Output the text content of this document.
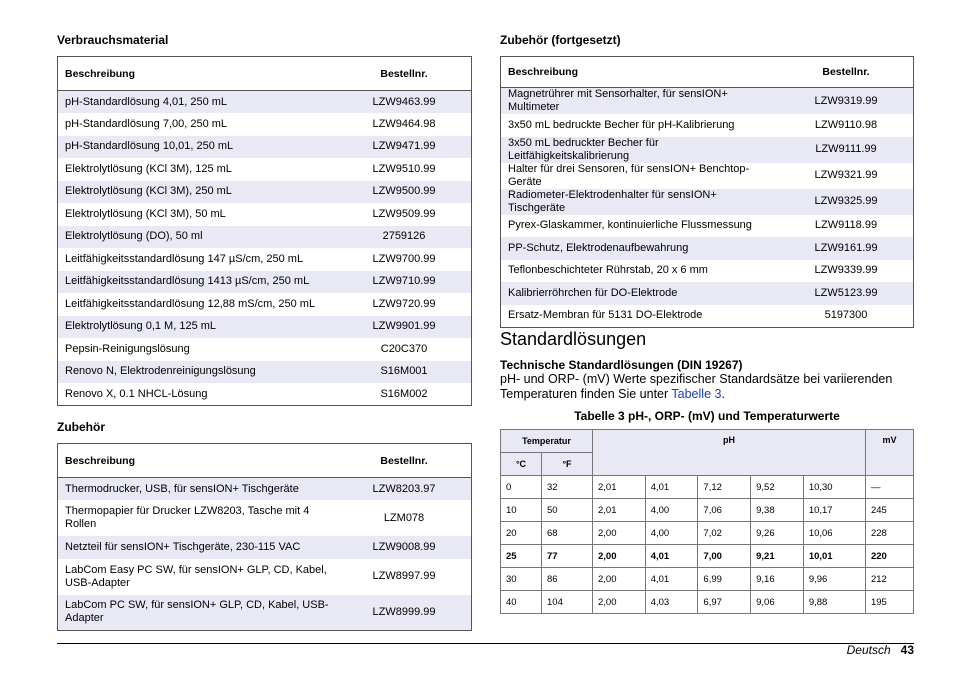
Verbrauchsmaterial
Beschreibung	Bestellnr.
pH-Standardlösung 4,01, 250 mL	LZW9463.99
pH-Standardlösung 7,00, 250 mL	LZW9464.98
pH-Standardlösung 10,01, 250 mL	LZW9471.99
Elektrolytlösung (KCl 3M), 125 mL	LZW9510.99
Elektrolytlösung (KCl 3M), 250 mL	LZW9500.99
Elektrolytlösung (KCl 3M), 50 mL	LZW9509.99
Elektrolytlösung (DO), 50 ml	2759126
Leitfähigkeitsstandardlösung 147 µS/cm, 250 mL	LZW9700.99
Leitfähigkeitsstandardlösung 1413 µS/cm, 250 mL	LZW9710.99
Leitfähigkeitsstandardlösung 12,88 mS/cm, 250 mL	LZW9720.99
Elektrolytlösung 0,1 M, 125 mL	LZW9901.99
Pepsin-Reinigungslösung	C20C370
Renovo N, Elektrodenreinigungslösung	S16M001
Renovo X, 0.1 NHCL-Lösung	S16M002
Zubehör
Beschreibung	Bestellnr.
Thermodrucker, USB, für sensION+ Tischgeräte	LZW8203.97
Thermopapier für Drucker LZW8203, Tasche mit 4 Rollen	LZM078
Netzteil für sensION+ Tischgeräte, 230-115 VAC	LZW9008.99
LabCom Easy PC SW, für sensION+ GLP, CD, Kabel, USB-Adapter	LZW8997.99
LabCom PC SW, für sensION+ GLP, CD, Kabel, USB-Adapter	LZW8999.99
Zubehör (fortgesetzt)
Beschreibung	Bestellnr.
Magnetrührer mit Sensorhalter, für sensION+ Multimeter	LZW9319.99
3x50 mL bedruckte Becher für pH-Kalibrierung	LZW9110.98
3x50 mL bedruckter Becher für Leitfähigkeitskalibrierung	LZW9111.99
Halter für drei Sensoren, für sensION+ Benchtop-Geräte	LZW9321.99
Radiometer-Elektrodenhalter für sensION+ Tischgeräte	LZW9325.99
Pyrex-Glaskammer, kontinuierliche Flussmessung	LZW9118.99
PP-Schutz, Elektrodenaufbewahrung	LZW9161.99
Teflonbeschichteter Rührstab, 20 x 6 mm	LZW9339.99
Kalibrierröhrchen für DO-Elektrode	LZW5123.99
Ersatz-Membran für 5131 DO-Elektrode	5197300
Standardlösungen

Technische Standardlösungen (DIN 19267)

pH- und ORP- (mV) Werte spezifischer Standardsätze bei variierenden Temperaturen finden Sie unter Tabelle 3.

Tabelle 3 pH-, ORP- (mV) und Temperaturwerte

Temperatur		pH					mV
°C	°F						
0	32	2,01	4,01	7,12	9,52	10,30	—
10	50	2,01	4,00	7,06	9,38	10,17	245
20	68	2,00	4,00	7,02	9,26	10,06	228
25	77	2,00	4,01	7,00	9,21	10,01	220
30	86	2,00	4,01	6,99	9,16	9,96	212
40	104	2,00	4,03	6,97	9,06	9,88	195
Deutsch 43
